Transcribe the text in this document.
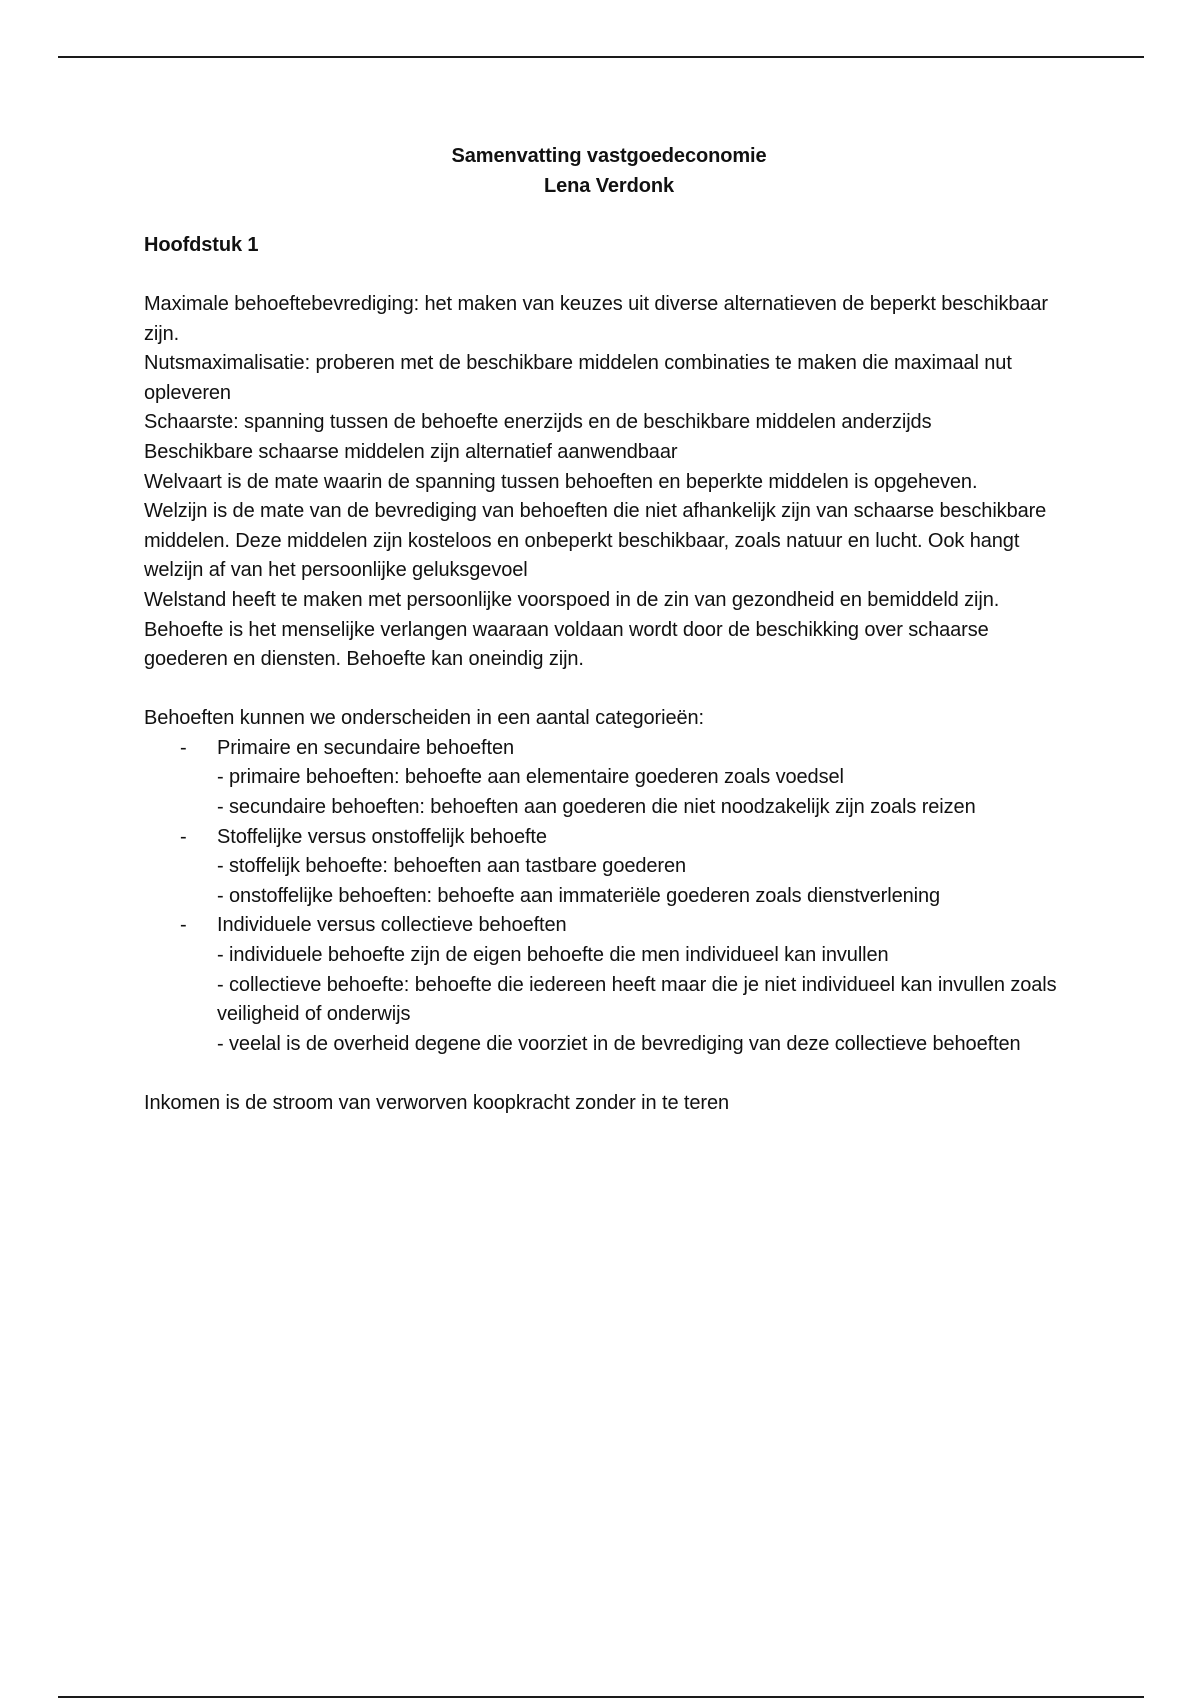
Samenvatting vastgoedeconomie
Lena Verdonk
Hoofdstuk 1

Maximale behoeftebevrediging: het maken van keuzes uit diverse alternatieven de beperkt beschikbaar zijn.

Nutsmaximalisatie: proberen met de beschikbare middelen combinaties te maken die maximaal nut opleveren

Schaarste: spanning tussen de behoefte enerzijds en de beschikbare middelen anderzijds

Beschikbare schaarse middelen zijn alternatief aanwendbaar

Welvaart is de mate waarin de spanning tussen behoeften en beperkte middelen is opgeheven.

Welzijn is de mate van de bevrediging van behoeften die niet afhankelijk zijn van schaarse beschikbare middelen. Deze middelen zijn kosteloos en onbeperkt beschikbaar, zoals natuur en lucht. Ook hangt welzijn af van het persoonlijke geluksgevoel

Welstand heeft te maken met persoonlijke voorspoed in de zin van gezondheid en bemiddeld zijn.

Behoefte is het menselijke verlangen waaraan voldaan wordt door de beschikking over schaarse goederen en diensten. Behoefte kan oneindig zijn.

Behoeften kunnen we onderscheiden in een aantal categorieën:

- Primaire en secundaire behoeften
- primaire behoeften: behoefte aan elementaire goederen zoals voedsel
- secundaire behoeften: behoeften aan goederen die niet noodzakelijk zijn zoals reizen
- Stoffelijke versus onstoffelijk behoefte
- stoffelijk behoefte: behoeften aan tastbare goederen
- onstoffelijke behoeften: behoefte aan immateriële goederen zoals dienstverlening
- Individuele versus collectieve behoeften
- individuele behoefte zijn de eigen behoefte die men individueel kan invullen
- collectieve behoefte: behoefte die iedereen heeft maar die je niet individueel kan invullen zoals veiligheid of onderwijs
- veelal is de overheid degene die voorziet in de bevrediging van deze collectieve behoeften

Inkomen is de stroom van verworven koopkracht zonder in te teren
